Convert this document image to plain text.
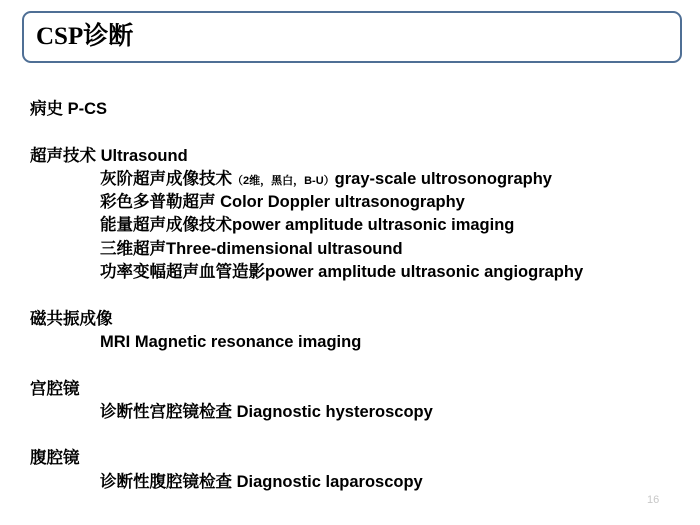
CSP诊断
病史 P-CS
超声技术 Ultrasound
灰阶超声成像技术（2维，黑白，B-U）gray-scale ultrosonography
彩色多普勒超声 Color Doppler ultrasonography
能量超声成像技术power amplitude ultrasonic imaging
三维超声Three-dimensional ultrasound
功率变幅超声血管造影power amplitude ultrasonic angiography
磁共振成像
MRI Magnetic resonance imaging
宫腔镜
诊断性宫腔镜检查 Diagnostic hysteroscopy
腹腔镜
诊断性腹腔镜检查 Diagnostic laparoscopy
16
